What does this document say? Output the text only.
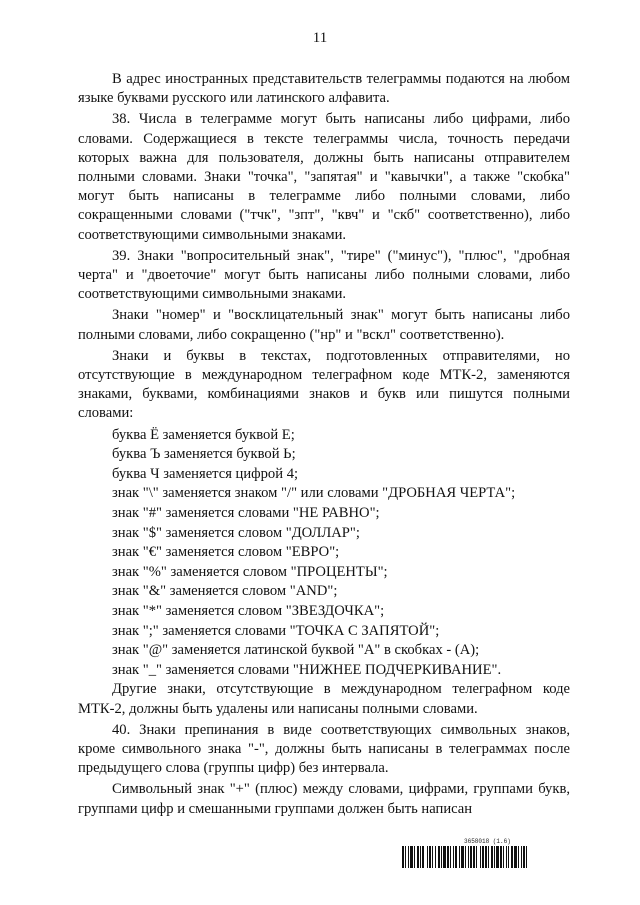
11

В адрес иностранных представительств телеграммы подаются на любом языке буквами русского или латинского алфавита.

38. Числа в телеграмме могут быть написаны либо цифрами, либо словами. Содержащиеся в тексте телеграммы числа, точность передачи которых важна для пользователя, должны быть написаны отправителем полными словами. Знаки "точка", "запятая" и "кавычки", а также "скобка" могут быть написаны в телеграмме либо полными словами, либо сокращенными словами ("тчк", "зпт", "квч" и "скб" соответственно), либо соответствующими символьными знаками.

39. Знаки "вопросительный знак", "тире" ("минус"), "плюс", "дробная черта" и "двоеточие" могут быть написаны либо полными словами, либо соответствующими символьными знаками.

Знаки "номер" и "восклицательный знак" могут быть написаны либо полными словами, либо сокращенно ("нр" и "вскл" соответственно).

Знаки и буквы в текстах, подготовленных отправителями, но отсутствующие в международном телеграфном коде МТК-2, заменяются знаками, буквами, комбинациями знаков и букв или пишутся полными словами:

буква Ё заменяется буквой Е;
буква Ъ заменяется буквой Ь;
буква Ч заменяется цифрой 4;
знак "\" заменяется знаком "/" или словами "ДРОБНАЯ ЧЕРТА";
знак "#" заменяется словами "НЕ РАВНО";
знак "$" заменяется словом "ДОЛЛАР";
знак "€" заменяется словом "ЕВРО";
знак "%" заменяется словом "ПРОЦЕНТЫ";
знак "&" заменяется словом "AND";
знак "*" заменяется словом "ЗВЕЗДОЧКА";
знак ";" заменяется словами "ТОЧКА С ЗАПЯТОЙ";
знак "@" заменяется латинской буквой "А" в скобках - (А);
знак "_" заменяется словами "НИЖНЕЕ ПОДЧЕРКИВАНИЕ".

Другие знаки, отсутствующие в международном телеграфном коде МТК-2, должны быть удалены или написаны полными словами.

40. Знаки препинания в виде соответствующих символьных знаков, кроме символьного знака "-", должны быть написаны в телеграммах после предыдущего слова (группы цифр) без интервала.

Символьный знак "+" (плюс) между словами, цифрами, группами букв, группами цифр и смешанными группами должен быть написан

3658018 (1.6)
